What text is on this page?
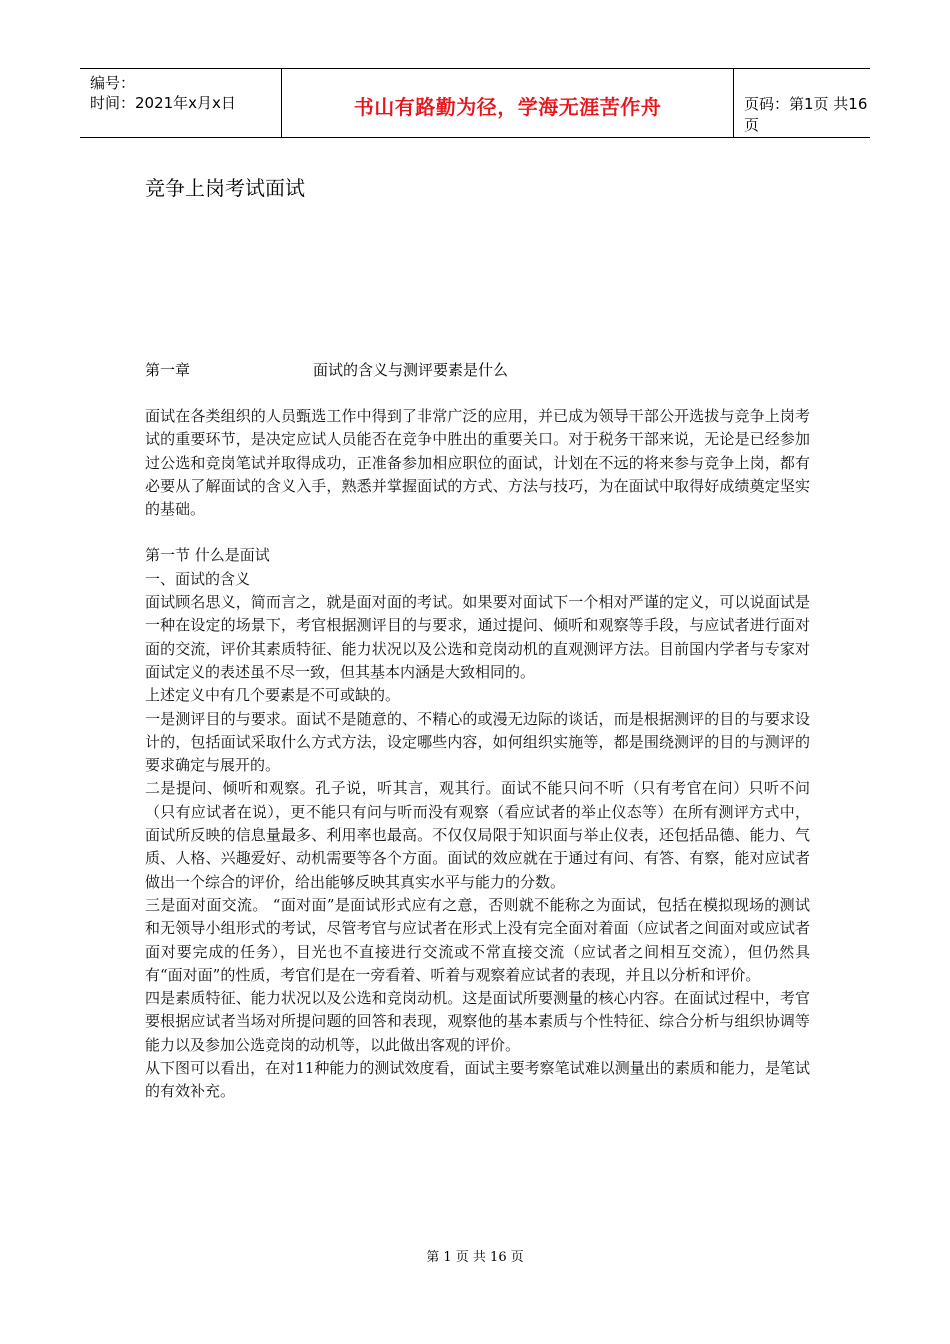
编号：
时间：2021年x月x日	书山有路勤为径，学海无涯苦作舟	页码：第1页 共16页
竞争上岗考试面试
第一章	面试的含义与测评要素是什么

面试在各类组织的人员甄选工作中得到了非常广泛的应用，并已成为领导干部公开选拔与竞争上岗考试的重要环节，是决定应试人员能否在竞争中胜出的重要关口。对于税务干部来说，无论是已经参加过公选和竞岗笔试并取得成功，正准备参加相应职位的面试，计划在不远的将来参与竞争上岗，都有必要从了解面试的含义入手，熟悉并掌握面试的方式、方法与技巧，为在面试中取得好成绩奠定坚实的基础。

第一节 什么是面试

一、面试的含义

面试顾名思义，简而言之，就是面对面的考试。如果要对面试下一个相对严谨的定义，可以说面试是一种在设定的场景下，考官根据测评目的与要求，通过提问、倾听和观察等手段，与应试者进行面对面的交流，评价其素质特征、能力状况以及公选和竞岗动机的直观测评方法。目前国内学者与专家对面试定义的表述虽不尽一致，但其基本内涵是大致相同的。

上述定义中有几个要素是不可或缺的。

一是测评目的与要求。面试不是随意的、不精心的或漫无边际的谈话，而是根据测评的目的与要求设计的，包括面试采取什么方式方法，设定哪些内容，如何组织实施等，都是围绕测评的目的与测评的要求确定与展开的。

二是提问、倾听和观察。孔子说，听其言，观其行。面试不能只问不听（只有考官在问）只听不问（只有应试者在说），更不能只有问与听而没有观察（看应试者的举止仪态等）在所有测评方式中，面试所反映的信息量最多、利用率也最高。不仅仅局限于知识面与举止仪表，还包括品德、能力、气质、人格、兴趣爱好、动机需要等各个方面。面试的效应就在于通过有问、有答、有察，能对应试者做出一个综合的评价，给出能够反映其真实水平与能力的分数。

三是面对面交流。 “面对面”是面试形式应有之意，否则就不能称之为面试，包括在模拟现场的测试和无领导小组形式的考试，尽管考官与应试者在形式上没有完全面对着面（应试者之间面对或应试者面对要完成的任务），目光也不直接进行交流或不常直接交流（应试者之间相互交流），但仍然具有“面对面”的性质，考官们是在一旁看着、听着与观察着应试者的表现，并且以分析和评价。

四是素质特征、能力状况以及公选和竞岗动机。这是面试所要测量的核心内容。在面试过程中，考官要根据应试者当场对所提问题的回答和表现，观察他的基本素质与个性特征、综合分析与组织协调等能力以及参加公选竞岗的动机等，以此做出客观的评价。

从下图可以看出，在对11种能力的测试效度看，面试主要考察笔试难以测量出的素质和能力，是笔试的有效补充。

第 1 页 共 16 页
